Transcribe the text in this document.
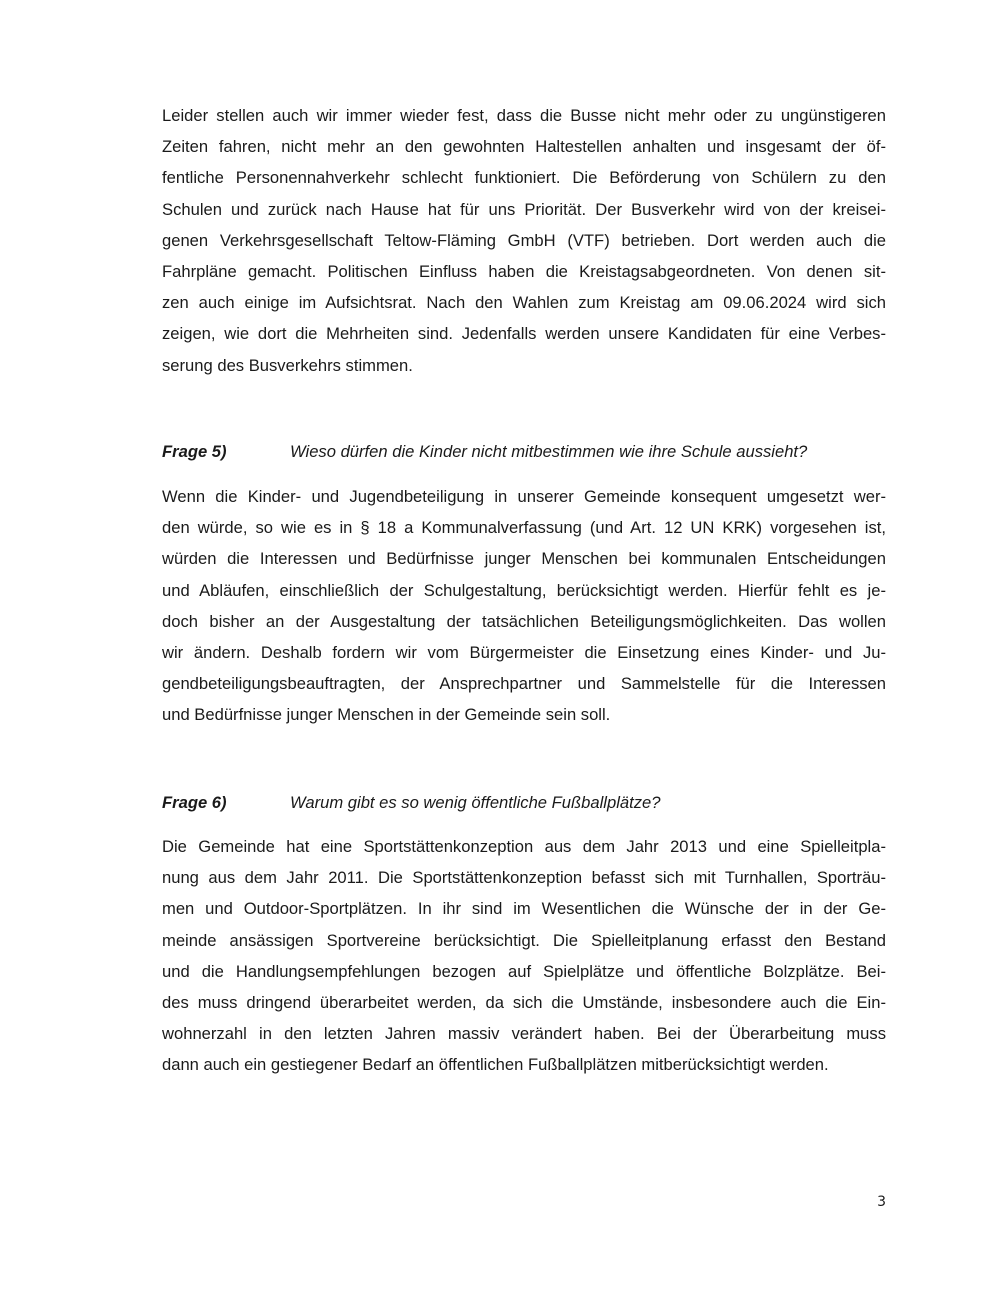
Leider stellen auch wir immer wieder fest, dass die Busse nicht mehr oder zu ungünstigeren
Zeiten fahren, nicht mehr an den gewohnten Haltestellen anhalten und insgesamt der öf-
fentliche Personennahverkehr schlecht funktioniert. Die Beförderung von Schülern zu den
Schulen und zurück nach Hause hat für uns Priorität. Der Busverkehr wird von der kreisei-
genen Verkehrsgesellschaft Teltow-Fläming GmbH (VTF) betrieben. Dort werden auch die
Fahrpläne gemacht. Politischen Einfluss haben die Kreistagsabgeordneten. Von denen sit-
zen auch einige im Aufsichtsrat. Nach den Wahlen zum Kreistag am 09.06.2024 wird sich
zeigen, wie dort die Mehrheiten sind. Jedenfalls werden unsere Kandidaten für eine Verbes-
serung des Busverkehrs stimmen.
Frage 5)	Wieso dürfen die Kinder nicht mitbestimmen wie ihre Schule aussieht?
Wenn die Kinder- und Jugendbeteiligung in unserer Gemeinde konsequent umgesetzt wer-
den würde, so wie es in § 18 a Kommunalverfassung (und Art. 12 UN KRK) vorgesehen ist,
würden die Interessen und Bedürfnisse junger Menschen bei kommunalen Entscheidungen
und Abläufen, einschließlich der Schulgestaltung, berücksichtigt werden. Hierfür fehlt es je-
doch bisher an der Ausgestaltung der tatsächlichen Beteiligungsmöglichkeiten. Das wollen
wir ändern. Deshalb fordern wir vom Bürgermeister die Einsetzung eines Kinder- und Ju-
gendbeteiligungsbeauftragten, der Ansprechpartner und Sammelstelle für die Interessen
und Bedürfnisse junger Menschen in der Gemeinde sein soll.
Frage 6)	Warum gibt es so wenig öffentliche Fußballplätze?
Die Gemeinde hat eine Sportstättenkonzeption aus dem Jahr 2013 und eine Spielleitpla-
nung aus dem Jahr 2011. Die Sportstättenkonzeption befasst sich mit Turnhallen, Sporträu-
men und Outdoor-Sportplätzen. In ihr sind im Wesentlichen die Wünsche der in der Ge-
meinde ansässigen Sportvereine berücksichtigt. Die Spielleitplanung erfasst den Bestand
und die Handlungsempfehlungen bezogen auf Spielplätze und öffentliche Bolzplätze. Bei-
des muss dringend überarbeitet werden, da sich die Umstände, insbesondere auch die Ein-
wohnerzahl in den letzten Jahren massiv verändert haben. Bei der Überarbeitung muss
dann auch ein gestiegener Bedarf an öffentlichen Fußballplätzen mitberücksichtigt werden.
3
